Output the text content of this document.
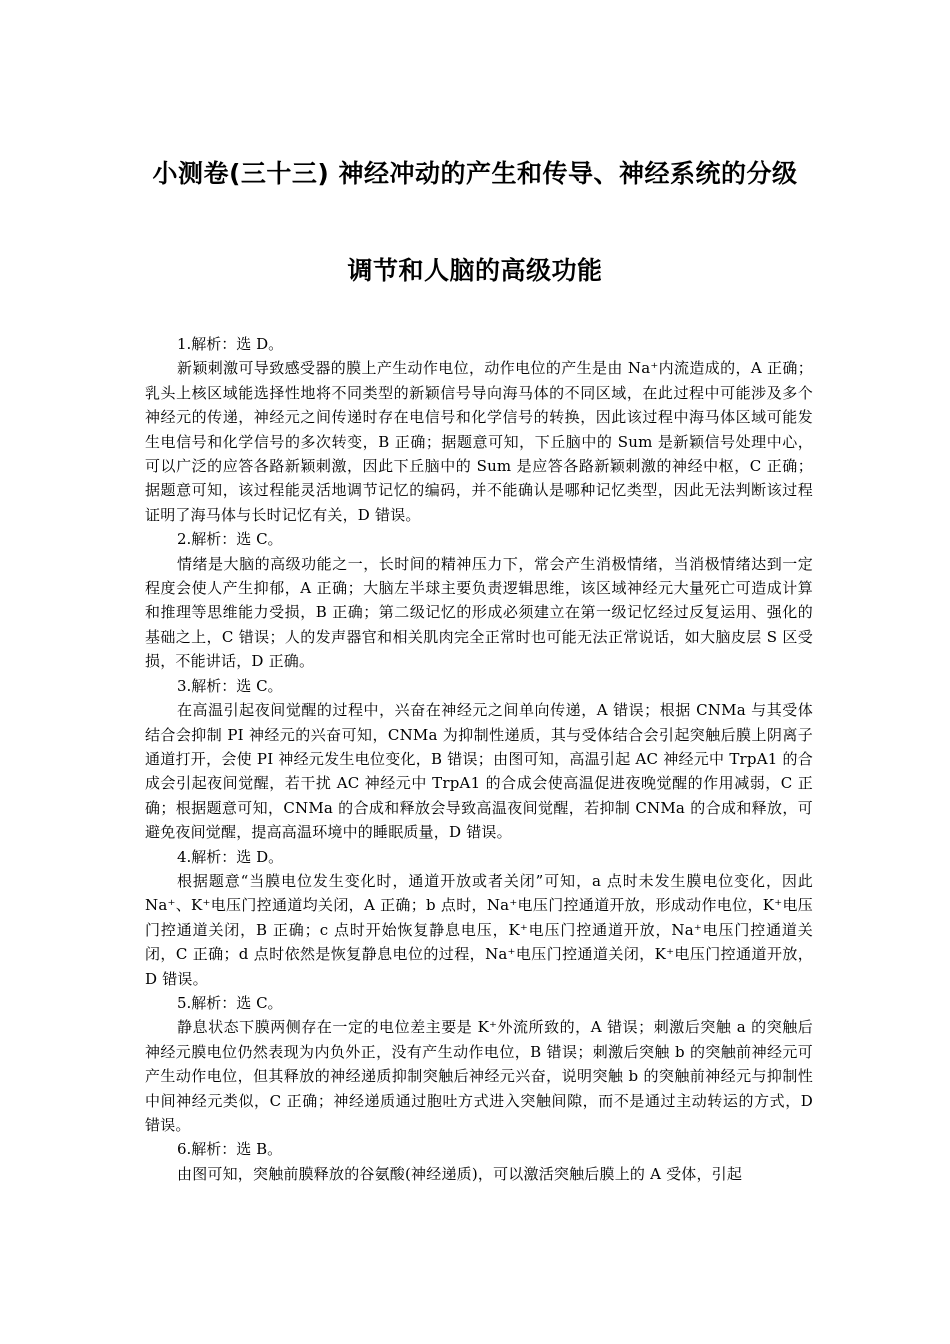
小测卷(三十三) 神经冲动的产生和传导、神经系统的分级
调节和人脑的高级功能

1.解析：选 D。

新颖刺激可导致感受器的膜上产生动作电位，动作电位的产生是由 Na⁺内流造成的，A 正确；乳头上核区域能选择性地将不同类型的新颖信号导向海马体的不同区域，在此过程中可能涉及多个神经元的传递，神经元之间传递时存在电信号和化学信号的转换，因此该过程中海马体区域可能发生电信号和化学信号的多次转变，B 正确；据题意可知，下丘脑中的 Sum 是新颖信号处理中心，可以广泛的应答各路新颖刺激，因此下丘脑中的 Sum 是应答各路新颖刺激的神经中枢，C 正确；据题意可知，该过程能灵活地调节记忆的编码，并不能确认是哪种记忆类型，因此无法判断该过程证明了海马体与长时记忆有关，D 错误。

2.解析：选 C。

情绪是大脑的高级功能之一，长时间的精神压力下，常会产生消极情绪，当消极情绪达到一定程度会使人产生抑郁，A 正确；大脑左半球主要负责逻辑思维，该区域神经元大量死亡可造成计算和推理等思维能力受损，B 正确；第二级记忆的形成必须建立在第一级记忆经过反复运用、强化的基础之上，C 错误；人的发声器官和相关肌肉完全正常时也可能无法正常说话，如大脑皮层 S 区受损，不能讲话，D 正确。

3.解析：选 C。

在高温引起夜间觉醒的过程中，兴奋在神经元之间单向传递，A 错误；根据 CNMa 与其受体结合会抑制 PI 神经元的兴奋可知，CNMa 为抑制性递质，其与受体结合会引起突触后膜上阴离子通道打开，会使 PI 神经元发生电位变化，B 错误；由图可知，高温引起 AC 神经元中 TrpA1 的合成会引起夜间觉醒，若干扰 AC 神经元中 TrpA1 的合成会使高温促进夜晚觉醒的作用减弱，C 正确；根据题意可知，CNMa 的合成和释放会导致高温夜间觉醒，若抑制 CNMa 的合成和释放，可避免夜间觉醒，提高高温环境中的睡眠质量，D 错误。

4.解析：选 D。

根据题意“当膜电位发生变化时，通道开放或者关闭”可知，a 点时未发生膜电位变化，因此 Na⁺、K⁺电压门控通道均关闭，A 正确；b 点时，Na⁺电压门控通道开放，形成动作电位，K⁺电压门控通道关闭，B 正确；c 点时开始恢复静息电压，K⁺电压门控通道开放，Na⁺电压门控通道关闭，C 正确；d 点时依然是恢复静息电位的过程，Na⁺电压门控通道关闭，K⁺电压门控通道开放，D 错误。

5.解析：选 C。

静息状态下膜两侧存在一定的电位差主要是 K⁺外流所致的，A 错误；刺激后突触 a 的突触后神经元膜电位仍然表现为内负外正，没有产生动作电位，B 错误；刺激后突触 b 的突触前神经元可产生动作电位，但其释放的神经递质抑制突触后神经元兴奋，说明突触 b 的突触前神经元与抑制性中间神经元类似，C 正确；神经递质通过胞吐方式进入突触间隙，而不是通过主动转运的方式，D 错误。

6.解析：选 B。

由图可知，突触前膜释放的谷氨酸(神经递质)，可以激活突触后膜上的 A 受体，引起
